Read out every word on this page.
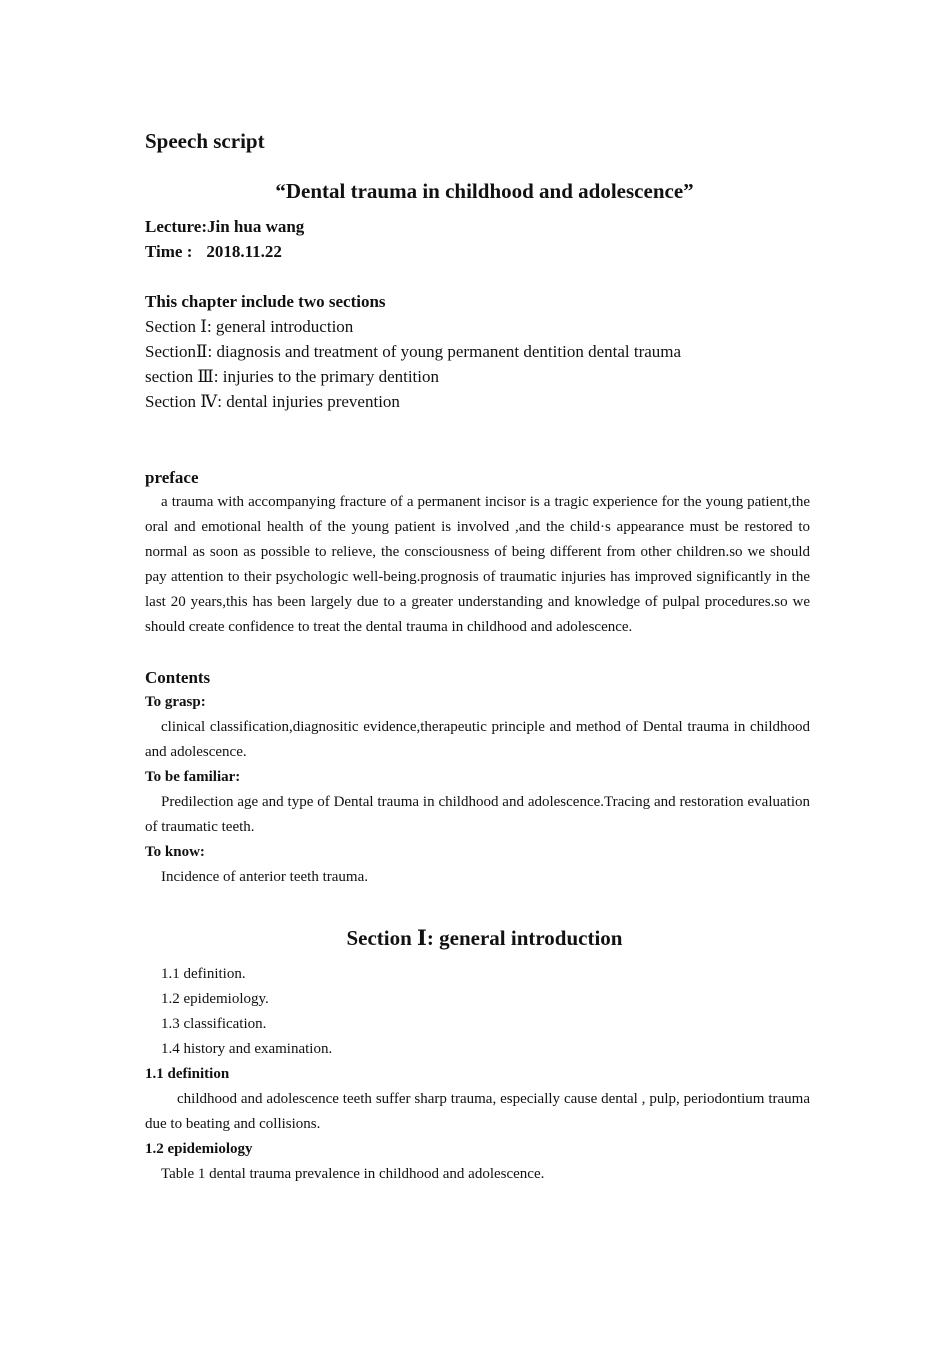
Speech script

“Dental trauma in childhood and adolescence”

Lecture:Jin hua wang

Time : 2018.11.22

This chapter include two sections

Section Ⅰ: general introduction

SectionⅡ: diagnosis and treatment of young permanent dentition dental trauma

section Ⅲ: injuries to the primary dentition

Section Ⅳ: dental injuries prevention

preface

a trauma with accompanying fracture of a permanent incisor is a tragic experience for the young patient,the oral and emotional health of the young patient is involved ,and the child·s appearance must be restored to normal as soon as possible to relieve, the consciousness of being different from other children.so we should pay attention to their psychologic well-being.prognosis of traumatic injuries has improved significantly in the last 20 years,this has been largely due to a greater understanding and knowledge of pulpal procedures.so we should create confidence to treat the dental trauma in childhood and adolescence.

Contents

To grasp:

clinical classification,diagnositic evidence,therapeutic principle and method of Dental trauma in childhood and adolescence.

To be familiar:

Predilection age and type of Dental trauma in childhood and adolescence.Tracing and restoration evaluation of traumatic teeth.

To know:

Incidence of anterior teeth trauma.

Section Ⅰ: general introduction

1.1 definition.

1.2 epidemiology.

1.3 classification.

1.4 history and examination.

1.1 definition

childhood and adolescence teeth suffer sharp trauma, especially cause dental , pulp, periodontium trauma due to beating and collisions.

1.2 epidemiology

Table 1 dental trauma prevalence in childhood and adolescence.
